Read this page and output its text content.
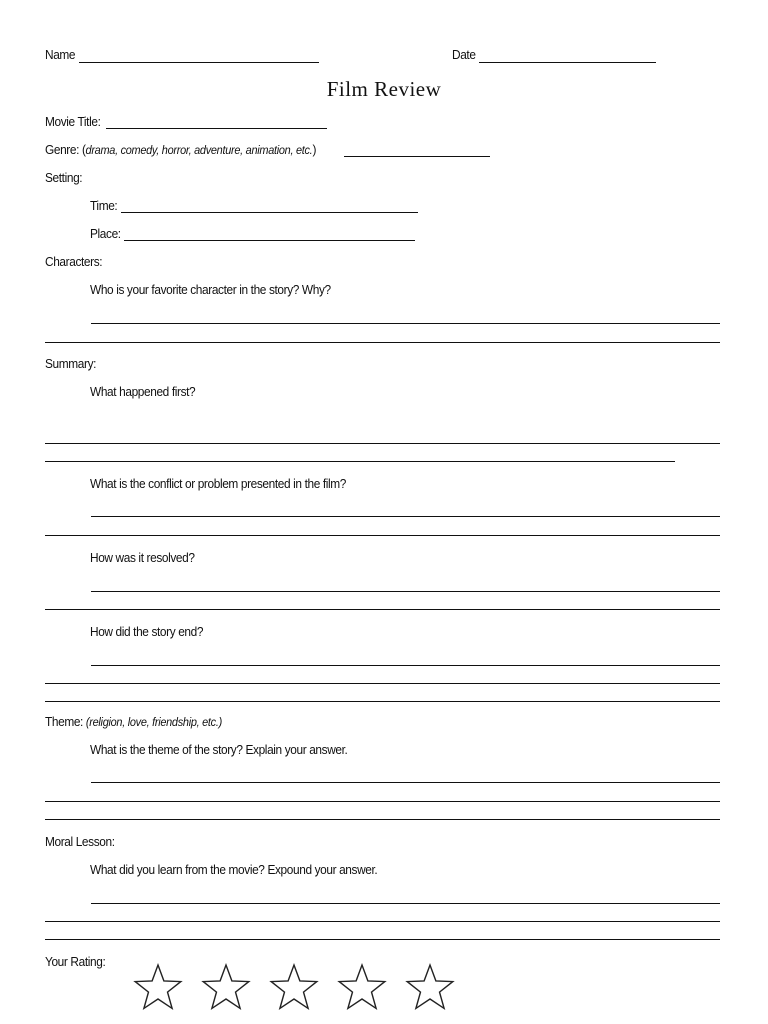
Name	Date
Film Review
Movie Title:
Genre: (drama, comedy, horror, adventure, animation, etc.)
Setting:
Time:
Place:
Characters:
Who is your favorite character in the story? Why?
Summary:
What happened first?
What is the conflict or problem presented in the film?
How was it resolved?
How did the story end?
Theme: (religion, love, friendship, etc.)
What is the theme of the story? Explain your answer.
Moral Lesson:
What did you learn from the movie? Expound your answer.
Your Rating:
